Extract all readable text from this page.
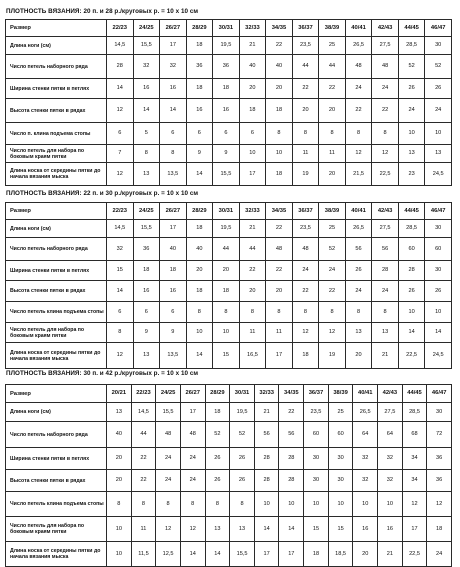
ПЛОТНОСТЬ ВЯЗАНИЯ: 20 п. и 28 р./круговых р. = 10 x 10 см
Размер	22/23	24/25	26/27	28/29	30/31	32/33	34/35	36/37	38/39	40/41	42/43	44/45	46/47
Длина ноги (см)	14,5	15,5	17	18	19,5	21	22	23,5	25	26,5	27,5	28,5	30
Число петель наборного ряда	28	32	32	36	36	40	40	44	44	48	48	52	52
Ширина стенки пятки в петлях	14	16	16	18	18	20	20	22	22	24	24	26	26
Высота стенки пятки в рядах	12	14	14	16	16	18	18	20	20	22	22	24	24
Число п. клина подъема стопы	6	5	6	6	6	6	8	8	8	8	8	10	10
Число петель для набора по боковым краям пятки	7	8	8	9	9	10	10	11	11	12	12	13	13
Длина носка от середины пятки до начала вязания мыска	12	13	13,5	14	15,5	17	18	19	20	21,5	22,5	23	24,5
ПЛОТНОСТЬ ВЯЗАНИЯ: 22 п. и 30 р./круговых р. = 10 x 10 см
Размер	22/23	24/25	26/27	28/29	30/31	32/33	34/35	36/37	38/39	40/41	42/43	44/45	46/47
Длина ноги (см)	14,5	15,5	17	18	19,5	21	22	23,5	25	26,5	27,5	28,5	30
Число петель наборного ряда	32	36	40	40	44	44	48	48	52	56	56	60	60
Ширина стенки пятки в петлях	15	18	18	20	20	22	22	24	24	26	28	28	30
Высота стенки пятки в рядах	14	16	16	18	18	20	20	22	22	24	24	26	26
Число петель клина подъема стопы	6	6	6	8	8	8	8	8	8	8	8	10	10
Число петель для набора по боковым краям пятки	8	9	9	10	10	11	11	12	12	13	13	14	14
Длина носка от середины пятки до начала вязания мыска	12	13	13,5	14	15	16,5	17	18	19	20	21	22,5	24,5
ПЛОТНОСТЬ ВЯЗАНИЯ: 30 п. и 42 р./круговых р. = 10 x 10 см
Размер	20/21	22/23	24/25	26/27	28/29	30/31	32/33	34/35	36/37	38/39	40/41	42/43	44/45	46/47
Длина ноги (см)	13	14,5	15,5	17	18	19,5	21	22	23,5	25	26,5	27,5	28,5	30
Число петель наборного ряда	40	44	48	48	52	52	56	56	60	60	64	64	68	72
Ширина стенки пятки в петлях	20	22	24	24	26	26	28	28	30	30	32	32	34	36
Высота стенки пятки в рядах	20	22	24	24	26	26	28	28	30	30	32	32	34	36
Число петель клина подъема стопы	8	8	8	8	8	8	10	10	10	10	10	10	12	12
Число петель для набора по боковым краям пятки	10	11	12	12	13	13	14	14	15	15	16	16	17	18
Длина носка от середины пятки до начала вязания мыска	10	11,5	12,5	14	14	15,5	17	17	18	18,5	20	21	22,5	24
